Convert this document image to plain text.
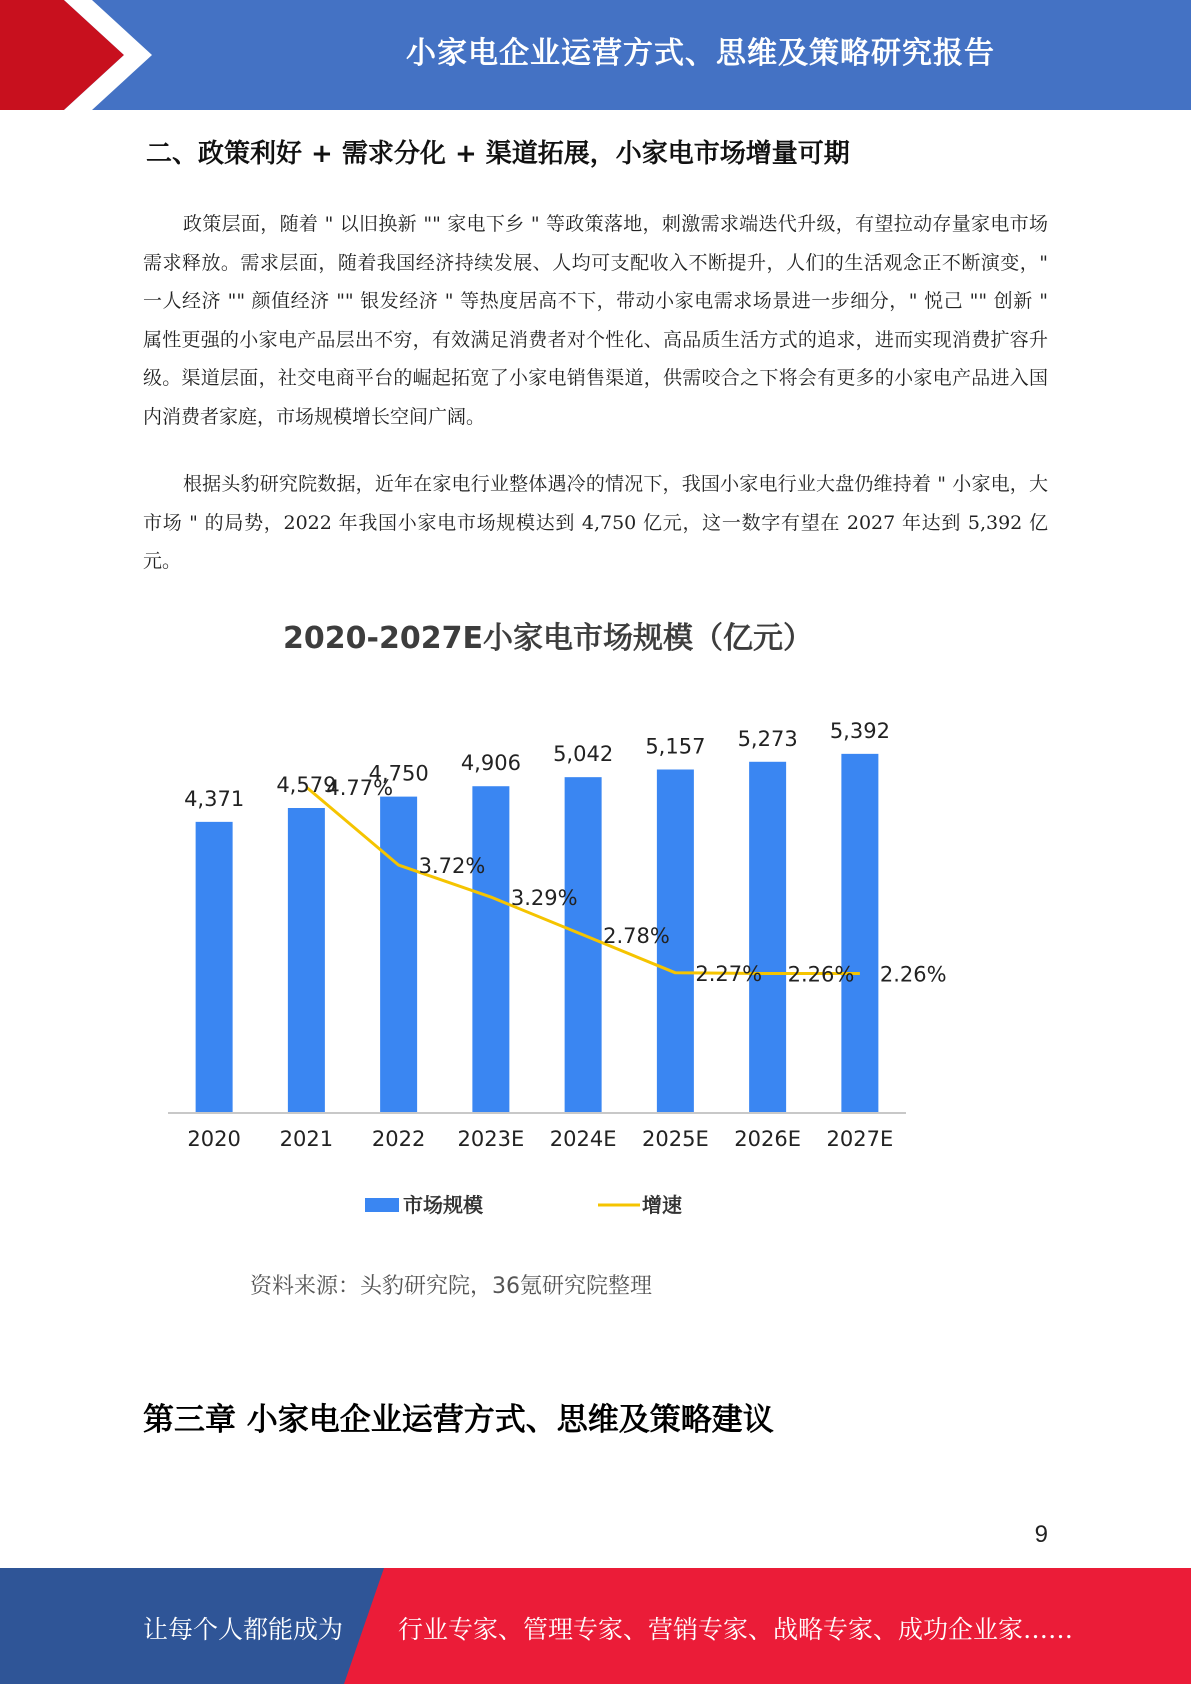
小家电企业运营方式、思维及策略研究报告
二、政策利好 + 需求分化 + 渠道拓展，小家电市场增量可期

政策层面，随着 " 以旧换新 "" 家电下乡 " 等政策落地，刺激需求端迭代升级，有望拉动存量家电市场需求释放。需求层面，随着我国经济持续发展、人均可支配收入不断提升，人们的生活观念正不断演变，" 一人经济 "" 颜值经济 "" 银发经济 " 等热度居高不下，带动小家电需求场景进一步细分，" 悦己 "" 创新 " 属性更强的小家电产品层出不穷，有效满足消费者对个性化、高品质生活方式的追求，进而实现消费扩容升级。渠道层面，社交电商平台的崛起拓宽了小家电销售渠道，供需咬合之下将会有更多的小家电产品进入国内消费者家庭，市场规模增长空间广阔。

根据头豹研究院数据，近年在家电行业整体遇冷的情况下，我国小家电行业大盘仍维持着 " 小家电，大市场 " 的局势，2022 年我国小家电市场规模达到 4,750 亿元，这一数字有望在 2027 年达到 5,392 亿元。

2020-2027E小家电市场规模（亿元）
4.77%
3.72%
3.29%
2.78%
2.27% 2.26% 2.26%
4,371
4,579 4,750 4,906 5,042 5,157 5,273 5,392
2020 2021 2022 2023E 2024E 2025E 2026E 2027E
市场规模	增速
资料来源：头豹研究院，36氪研究院整理
第三章 小家电企业运营方式、思维及策略建议
9
让每个人都能成为 行业专家、管理专家、营销专家、战略专家、成功企业家……
